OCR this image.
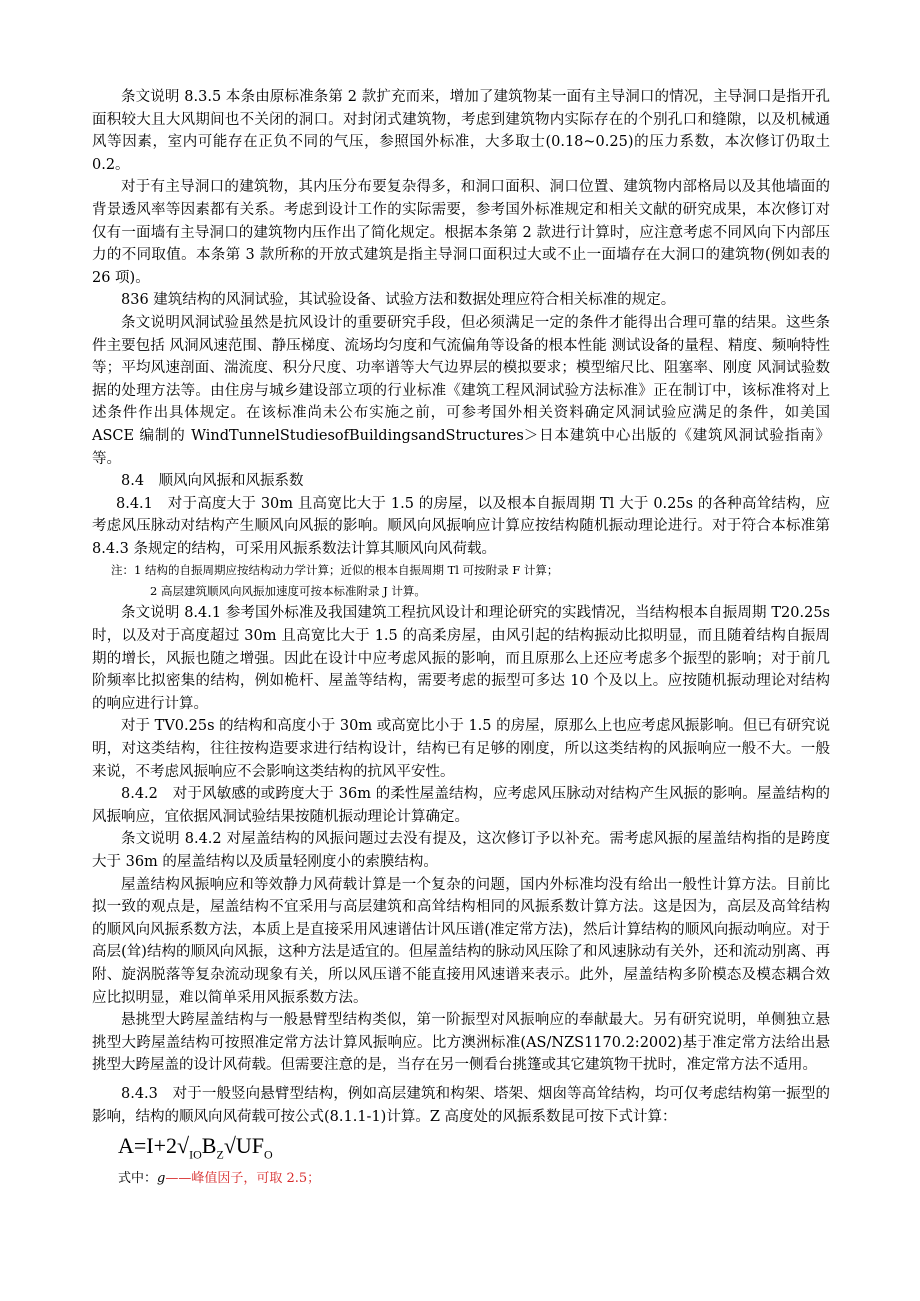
条文说明 8.3.5 本条由原标准条第 2 款扩充而来，增加了建筑物某一面有主导洞口的情况，主导洞口是指开孔面积较大且大风期间也不关闭的洞口。对封闭式建筑物，考虑到建筑物内实际存在的个别孔口和缝隙，以及机械通风等因素，室内可能存在正负不同的气压，参照国外标准，大多取士(0.18~0.25)的压力系数，本次修订仍取土 0.2。

对于有主导洞口的建筑物，其内压分布要复杂得多，和洞口面积、洞口位置、建筑物内部格局以及其他墙面的背景透风率等因素都有关系。考虑到设计工作的实际需要，参考国外标准规定和相关文献的研究成果，本次修订对仅有一面墙有主导洞口的建筑物内压作出了简化规定。根据本条第 2 款进行计算时，应注意考虑不同风向下内部压力的不同取值。本条第 3 款所称的开放式建筑是指主导洞口面积过大或不止一面墙存在大洞口的建筑物(例如表的 26 项)。

836 建筑结构的风洞试验，其试验设备、试验方法和数据处理应符合相关标准的规定。

条文说明风洞试验虽然是抗风设计的重要研究手段，但必须满足一定的条件才能得出合理可靠的结果。这些条件主要包括 风洞风速范围、静压梯度、流场均匀度和气流偏角等设备的根本性能 测试设备的量程、精度、频响特性等；平均风速剖面、湍流度、积分尺度、功率谱等大气边界层的模拟要求；模型缩尺比、阻塞率、刚度 风洞试验数据的处理方法等。由住房与城乡建设部立项的行业标准《建筑工程风洞试验方法标准》正在制订中，该标准将对上述条件作出具体规定。在该标准尚未公布实施之前，可参考国外相关资料确定风洞试验应满足的条件，如美国 ASCE 编制的 WindTunnelStudiesofBuildingsandStructures＞日本建筑中心出版的《建筑风洞试验指南》等。

8.4　顺风向风振和风振系数

8.4.1　对于高度大于 30m 且高宽比大于 1.5 的房屋，以及根本自振周期 Tl 大于 0.25s 的各种高耸结构，应考虑风压脉动对结构产生顺风向风振的影响。顺风向风振响应计算应按结构随机振动理论进行。对于符合本标准第 8.4.3 条规定的结构，可采用风振系数法计算其顺风向风荷载。

注：1 结构的自振周期应按结构动力学计算；近似的根本自振周期 Tl 可按附录 F 计算；

2 高层建筑顺风向风振加速度可按本标准附录 J 计算。

条文说明 8.4.1 参考国外标准及我国建筑工程抗风设计和理论研究的实践情况，当结构根本自振周期 T20.25s 时，以及对于高度超过 30m 且高宽比大于 1.5 的高柔房屋，由风引起的结构振动比拟明显，而且随着结构自振周期的增长，风振也随之增强。因此在设计中应考虑风振的影响，而且原那么上还应考虑多个振型的影响；对于前几阶频率比拟密集的结构，例如桅杆、屋盖等结构，需要考虑的振型可多达 10 个及以上。应按随机振动理论对结构的响应进行计算。

对于 TV0.25s 的结构和高度小于 30m 或高宽比小于 1.5 的房屋，原那么上也应考虑风振影响。但已有研究说明，对这类结构，往往按构造要求进行结构设计，结构已有足够的刚度，所以这类结构的风振响应一般不大。一般来说，不考虑风振响应不会影响这类结构的抗风平安性。

8.4.2　对于风敏感的或跨度大于 36m 的柔性屋盖结构，应考虑风压脉动对结构产生风振的影响。屋盖结构的风振响应，宜依据风洞试验结果按随机振动理论计算确定。

条文说明 8.4.2 对屋盖结构的风振问题过去没有提及，这次修订予以补充。需考虑风振的屋盖结构指的是跨度大于 36m 的屋盖结构以及质量轻刚度小的索膜结构。

屋盖结构风振响应和等效静力风荷载计算是一个复杂的问题，国内外标准均没有给出一般性计算方法。目前比拟一致的观点是，屋盖结构不宜采用与高层建筑和高耸结构相同的风振系数计算方法。这是因为，高层及高耸结构的顺风向风振系数方法，本质上是直接采用风速谱估计风压谱(准定常方法)，然后计算结构的顺风向振动响应。对于高层(耸)结构的顺风向风振，这种方法是适宜的。但屋盖结构的脉动风压除了和风速脉动有关外，还和流动别离、再附、旋涡脱落等复杂流动现象有关，所以风压谱不能直接用风速谱来表示。此外，屋盖结构多阶模态及模态耦合效应比拟明显，难以简单采用风振系数方法。

悬挑型大跨屋盖结构与一般悬臂型结构类似，第一阶振型对风振响应的奉献最大。另有研究说明，单侧独立悬挑型大跨屋盖结构可按照准定常方法计算风振响应。比方澳洲标准(AS/NZS1170.2:2002)基于准定常方法给出悬挑型大跨屋盖的设计风荷载。但需要注意的是，当存在另一侧看台挑篷或其它建筑物干扰时，准定常方法不适用。

8.4.3　对于一般竖向悬臂型结构，例如高层建筑和构架、塔架、烟囱等高耸结构，均可仅考虑结构第一振型的影响，结构的顺风向风荷载可按公式(8.1.1-1)计算。Z 高度处的风振系数昆可按下式计算：

$A=I+2√_{IO}B_Z√UF_O$

式中：g——峰值因子，可取 2.5；
